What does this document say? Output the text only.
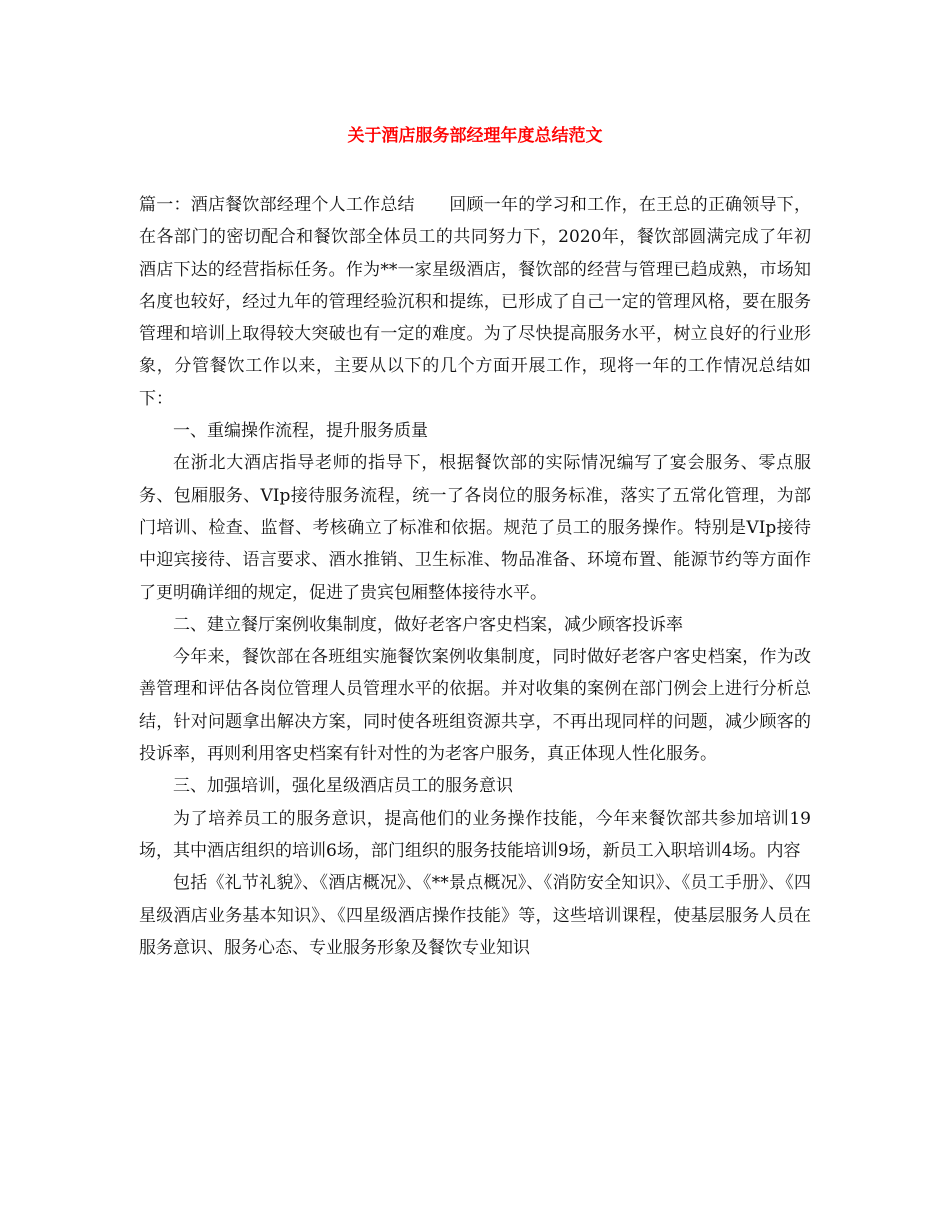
关于酒店服务部经理年度总结范文

篇一：酒店餐饮部经理个人工作总结　　回顾一年的学习和工作，在王总的正确领导下，在各部门的密切配合和餐饮部全体员工的共同努力下，2020年，餐饮部圆满完成了年初酒店下达的经营指标任务。作为**一家星级酒店，餐饮部的经营与管理已趋成熟，市场知名度也较好，经过九年的管理经验沉积和提练，已形成了自己一定的管理风格，要在服务管理和培训上取得较大突破也有一定的难度。为了尽快提高服务水平，树立良好的行业形象，分管餐饮工作以来，主要从以下的几个方面开展工作，现将一年的工作情况总结如下：

一、重编操作流程，提升服务质量

在浙北大酒店指导老师的指导下，根据餐饮部的实际情况编写了宴会服务、零点服务、包厢服务、VIp接待服务流程，统一了各岗位的服务标准，落实了五常化管理，为部门培训、检查、监督、考核确立了标准和依据。规范了员工的服务操作。特别是VIp接待中迎宾接待、语言要求、酒水推销、卫生标准、物品准备、环境布置、能源节约等方面作了更明确详细的规定，促进了贵宾包厢整体接待水平。

二、建立餐厅案例收集制度，做好老客户客史档案，减少顾客投诉率

今年来，餐饮部在各班组实施餐饮案例收集制度，同时做好老客户客史档案，作为改善管理和评估各岗位管理人员管理水平的依据。并对收集的案例在部门例会上进行分析总结，针对问题拿出解决方案，同时使各班组资源共享，不再出现同样的问题，减少顾客的投诉率，再则利用客史档案有针对性的为老客户服务，真正体现人性化服务。

三、加强培训，强化星级酒店员工的服务意识

为了培养员工的服务意识，提高他们的业务操作技能，今年来餐饮部共参加培训19场，其中酒店组织的培训6场，部门组织的服务技能培训9场，新员工入职培训4场。内容

包括《礼节礼貌》、《酒店概况》、《**景点概况》、《消防安全知识》、《员工手册》、《四星级酒店业务基本知识》、《四星级酒店操作技能》等，这些培训课程，使基层服务人员在服务意识、服务心态、专业服务形象及餐饮专业知识
